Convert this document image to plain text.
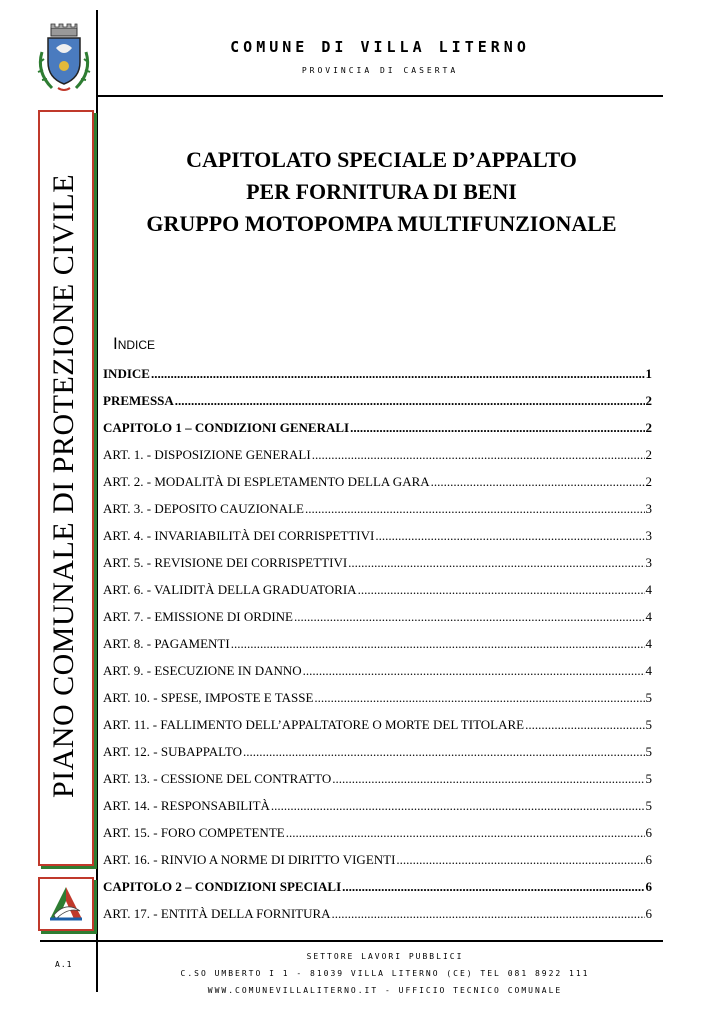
COMUNE DI VILLA LITERNO
PROVINCIA DI CASERTA
PIANO COMUNALE DI PROTEZIONE CIVILE
CAPITOLATO SPECIALE D’APPALTO
PER FORNITURA DI BENI
GRUPPO MOTOPOMPA MULTIFUNZIONALE
Indice
INDICE .....	1
PREMESSA .....	2
CAPITOLO 1 – CONDIZIONI GENERALI .....	2
ART. 1. - DISPOSIZIONE GENERALI .....	2
ART. 2. - MODALITÀ DI ESPLETAMENTO DELLA GARA .....	2
ART. 3. - DEPOSITO CAUZIONALE .....	3
ART. 4. - INVARIABILITÀ DEI CORRISPETTIVI .....	3
ART. 5. - REVISIONE DEI CORRISPETTIVI .....	3
ART. 6. - VALIDITÀ DELLA GRADUATORIA .....	4
ART. 7. - EMISSIONE DI ORDINE .....	4
ART. 8. - PAGAMENTI .....	4
ART. 9. - ESECUZIONE IN DANNO .....	4
ART. 10. - SPESE, IMPOSTE E TASSE .....	5
ART. 11. - FALLIMENTO DELL’APPALTATORE O MORTE DEL TITOLARE .....	5
ART. 12. - SUBAPPALTO .....	5
ART. 13. - CESSIONE DEL CONTRATTO .....	5
ART. 14. - RESPONSABILITÀ .....	5
ART. 15. - FORO COMPETENTE .....	6
ART. 16. - RINVIO A NORME DI DIRITTO VIGENTI .....	6
CAPITOLO 2 – CONDIZIONI SPECIALI .....	6
ART. 17. - ENTITÀ DELLA FORNITURA .....	6
A.1
SETTORE LAVORI PUBBLICI
C.SO UMBERTO I 1 - 81039 VILLA LITERNO (CE) TEL 081 8922 111
WWW.COMUNEVILLALITERNO.IT - UFFICIO TECNICO COMUNALE
